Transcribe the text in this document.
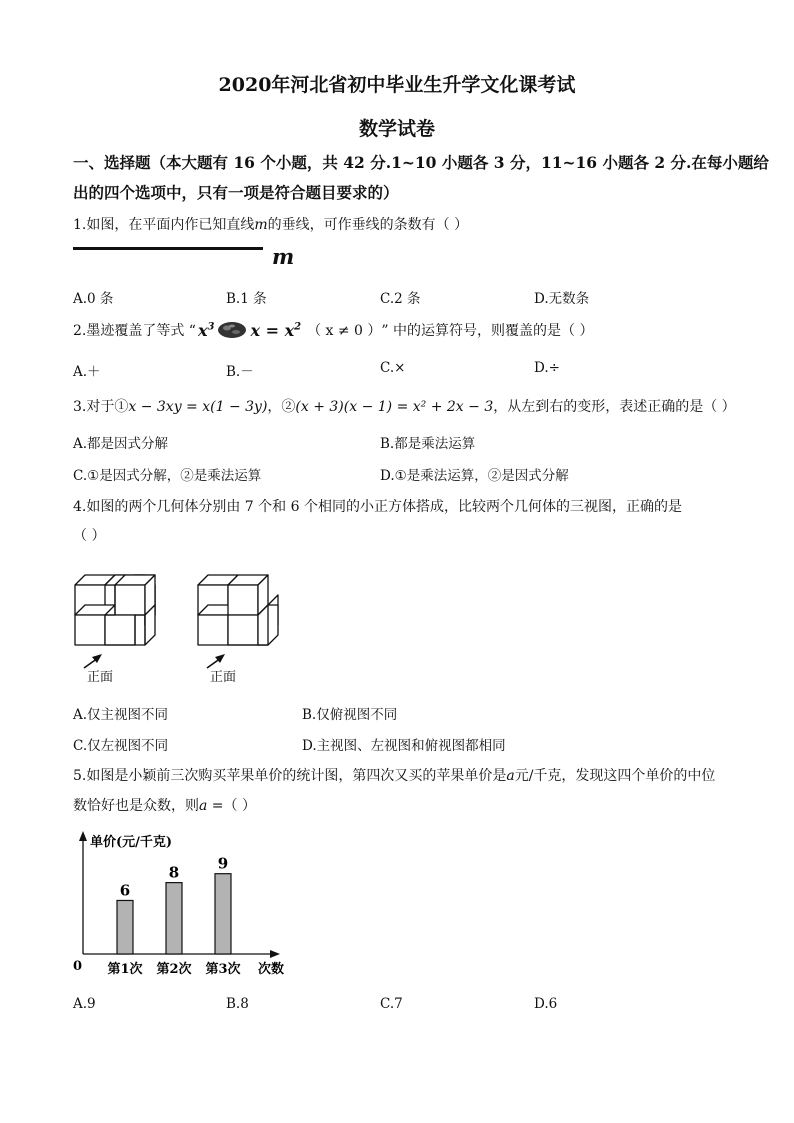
2020年河北省初中毕业生升学文化课考试
数学试卷
一、选择题（本大题有 16 个小题，共 42 分.1~10 小题各 3 分，11~16 小题各 2 分.在每小题给
出的四个选项中，只有一项是符合题目要求的）
1.如图，在平面内作已知直线m的垂线，可作垂线的条数有（ ）
m
A.0 条	B.1 条	C.2 条	D.无数条
2.墨迹覆盖了等式 “ $x^3$ $x = x^2$ （ x ≠ 0 ） ” 中的运算符号，则覆盖的是（ ）
A.＋	B.－	C.×	D.÷
3.对于①x − 3xy = x(1 − 3y)，②(x + 3)(x − 1) = x² + 2x − 3，从左到右的变形，表述正确的是（ ）
A.都是因式分解	B.都是乘法运算
C.①是因式分解，②是乘法运算	D.①是乘法运算，②是因式分解
4.如图的两个几何体分别由 7 个和 6 个相同的小正方体搭成，比较两个几何体的三视图，正确的是
（ ）
正面	正面
A.仅主视图不同	B.仅俯视图不同
C.仅左视图不同	D.主视图、左视图和俯视图都相同
5.如图是小颖前三次购买苹果单价的统计图，第四次又买的苹果单价是a元/千克，发现这四个单价的中位
数恰好也是众数，则a =（ ）
单价(元/千克)
0	次数
6
第1次
8
第2次
9
第3次
A.9	B.8	C.7	D.6
